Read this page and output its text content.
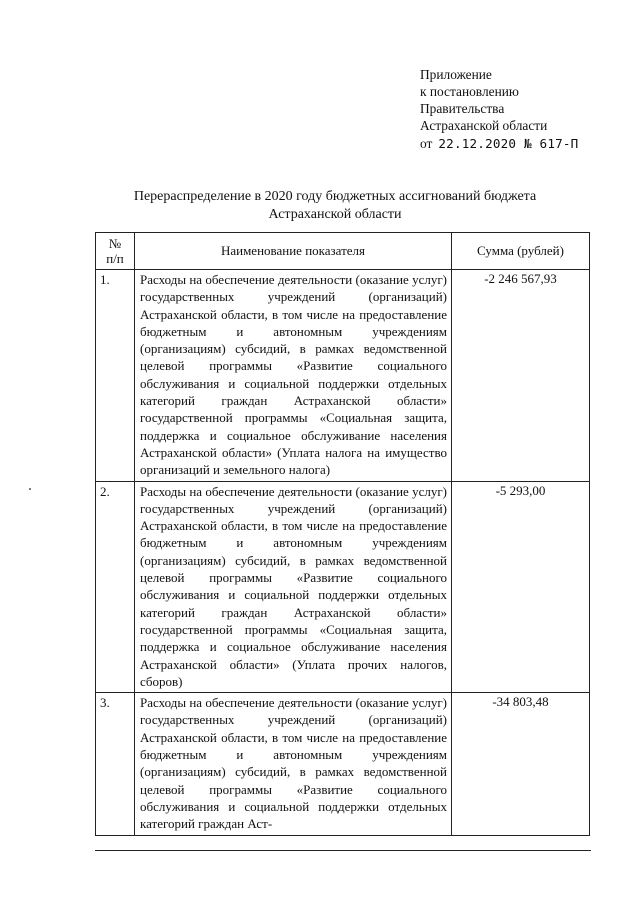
Приложение
к постановлению
Правительства
Астраханской области
от 22.12.2020 № 617-П
Перераспределение в 2020 году бюджетных ассигнований бюджета
Астраханской области
№
п/п	Наименование показателя	Сумма (рублей)
1.	Расходы на обеспечение деятельности (оказание услуг) государственных учреждений (организаций) Астраханской области, в том числе на предоставление бюджетным и автономным учреждениям (организациям) субсидий, в рамках ведомственной целевой программы «Развитие социального обслуживания и социальной поддержки отдельных категорий граждан Астраханской области» государственной программы «Социальная защита, поддержка и социальное обслуживание населения Астраханской области» (Уплата налога на имущество организаций и земельного налога)	-2 246 567,93
2.	Расходы на обеспечение деятельности (оказание услуг) государственных учреждений (организаций) Астраханской области, в том числе на предоставление бюджетным и автономным учреждениям (организациям) субсидий, в рамках ведомственной целевой программы «Развитие социального обслуживания и социальной поддержки отдельных категорий граждан Астраханской области» государственной программы «Социальная защита, поддержка и социальное обслуживание населения Астраханской области» (Уплата прочих налогов, сборов)	-5 293,00
3.	Расходы на обеспечение деятельности (оказание услуг) государственных учреждений (организаций) Астраханской области, в том числе на предоставление бюджетным и автономным учреждениям (организациям) субсидий, в рамках ведомственной целевой программы «Развитие социального обслуживания и социальной поддержки отдельных категорий граждан Аст-	-34 803,48
